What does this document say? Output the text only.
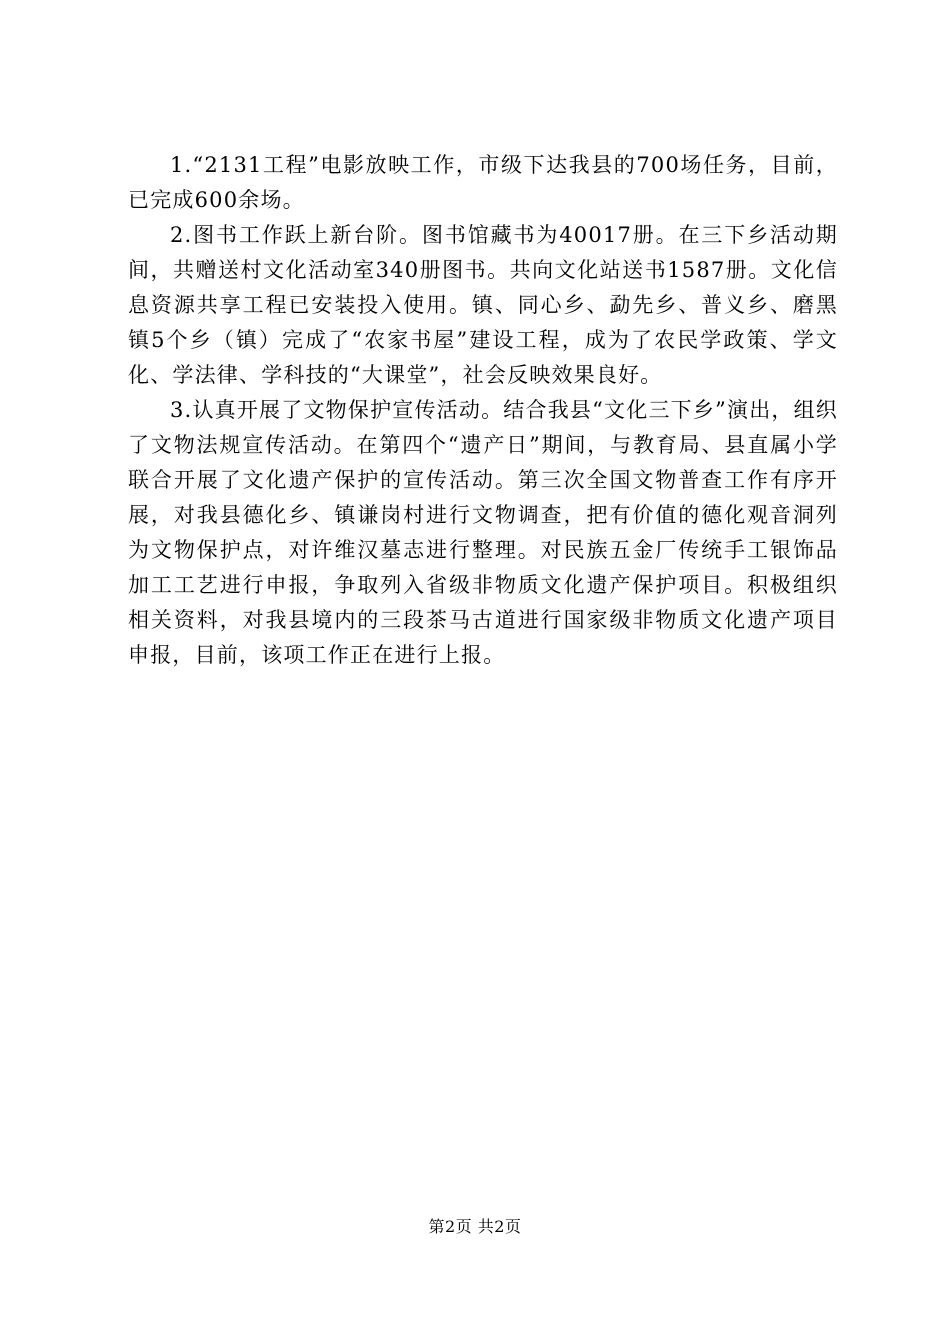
1.“2131工程”电影放映工作，市级下达我县的700场任务，目前，已完成600余场。

2.图书工作跃上新台阶。图书馆藏书为40017册。在三下乡活动期间，共赠送村文化活动室340册图书。共向文化站送书1587册。文化信息资源共享工程已安装投入使用。镇、同心乡、勐先乡、普义乡、磨黑镇5个乡（镇）完成了“农家书屋”建设工程，成为了农民学政策、学文化、学法律、学科技的“大课堂”，社会反映效果良好。

3.认真开展了文物保护宣传活动。结合我县“文化三下乡”演出，组织了文物法规宣传活动。在第四个“遗产日”期间，与教育局、县直属小学联合开展了文化遗产保护的宣传活动。第三次全国文物普查工作有序开展，对我县德化乡、镇谦岗村进行文物调查，把有价值的德化观音洞列为文物保护点，对许维汉墓志进行整理。对民族五金厂传统手工银饰品加工工艺进行申报，争取列入省级非物质文化遗产保护项目。积极组织相关资料，对我县境内的三段茶马古道进行国家级非物质文化遗产项目申报，目前，该项工作正在进行上报。

第2页 共2页
